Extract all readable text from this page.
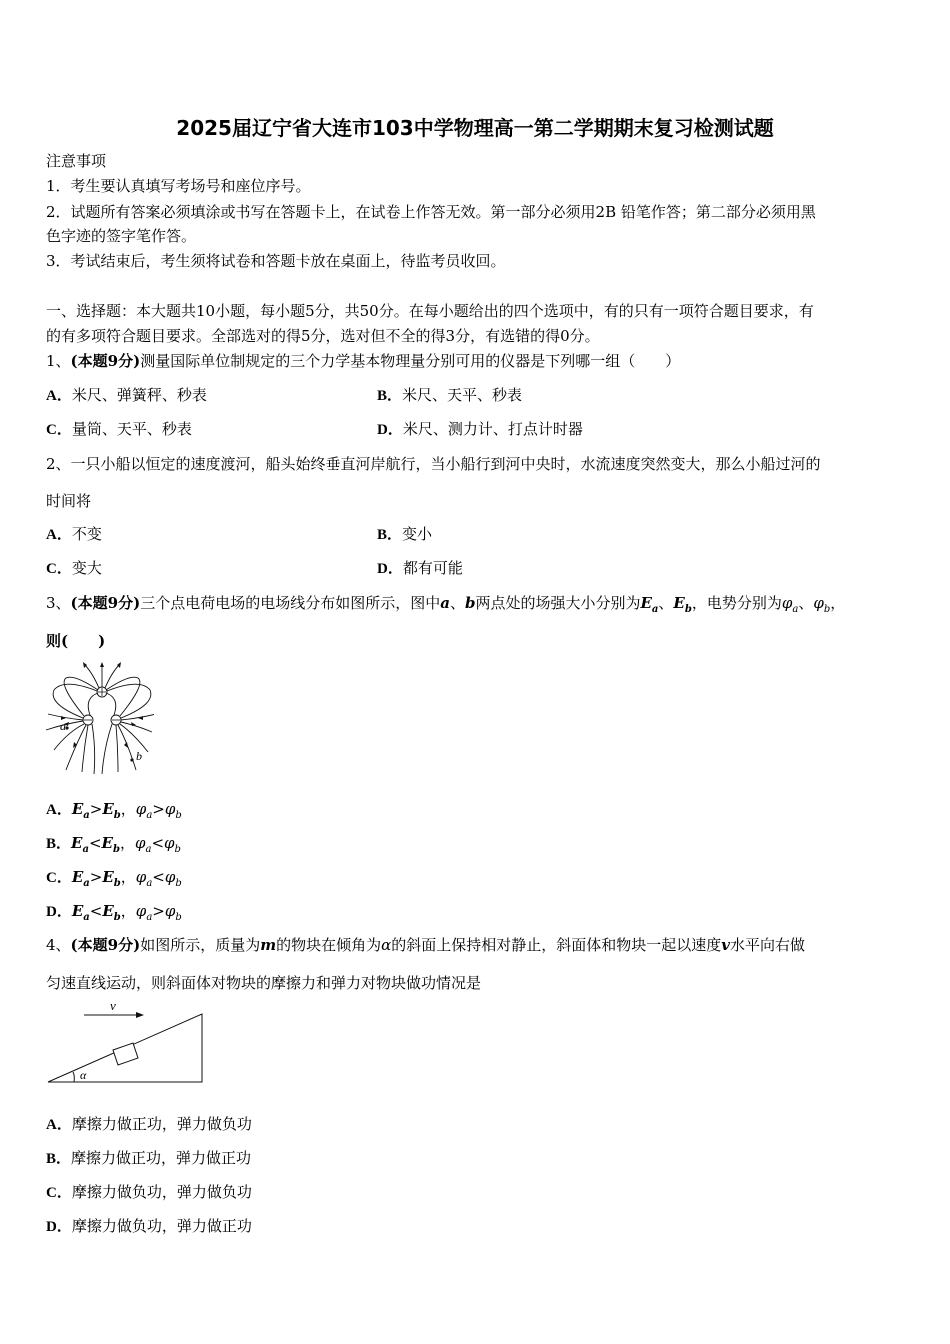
2025届辽宁省大连市103中学物理高一第二学期期末复习检测试题
注意事项
1．考生要认真填写考场号和座位序号。
2．试题所有答案必须填涂或书写在答题卡上，在试卷上作答无效。第一部分必须用2B 铅笔作答；第二部分必须用黑
色字迹的签字笔作答。
3．考试结束后，考生须将试卷和答题卡放在桌面上，待监考员收回。
一、选择题：本大题共10小题，每小题5分，共50分。在每小题给出的四个选项中，有的只有一项符合题目要求，有
的有多项符合题目要求。全部选对的得5分，选对但不全的得3分，有选错的得0分。
1、(本题9分)测量国际单位制规定的三个力学基本物理量分别可用的仪器是下列哪一组（　　）
A．米尺、弹簧秤、秒表	B．米尺、天平、秒表
C．量筒、天平、秒表	D．米尺、测力计、打点计时器
2、一只小船以恒定的速度渡河，船头始终垂直河岸航行，当小船行到河中央时，水流速度突然变大，那么小船过河的
时间将
A．不变	B．变小
C．变大	D．都有可能
3、(本题9分)三个点电荷电场的电场线分布如图所示，图中a、b两点处的场强大小分别为$E_a$、$E_b$，电势分别为$\varphi_a$、$\varphi_b$，
则(　　)
a
b
A．$E_a>E_b$，$\varphi_a>\varphi_b$
B．$E_a<E_b$，$\varphi_a<\varphi_b$
C．$E_a>E_b$，$\varphi_a<\varphi_b$
D．$E_a<E_b$，$\varphi_a>\varphi_b$
4、(本题9分)如图所示，质量为m的物块在倾角为α的斜面上保持相对静止，斜面体和物块一起以速度v水平向右做
匀速直线运动，则斜面体对物块的摩擦力和弹力对物块做功情况是
v
α
A．摩擦力做正功，弹力做负功
B．摩擦力做正功，弹力做正功
C．摩擦力做负功，弹力做负功
D．摩擦力做负功，弹力做正功
